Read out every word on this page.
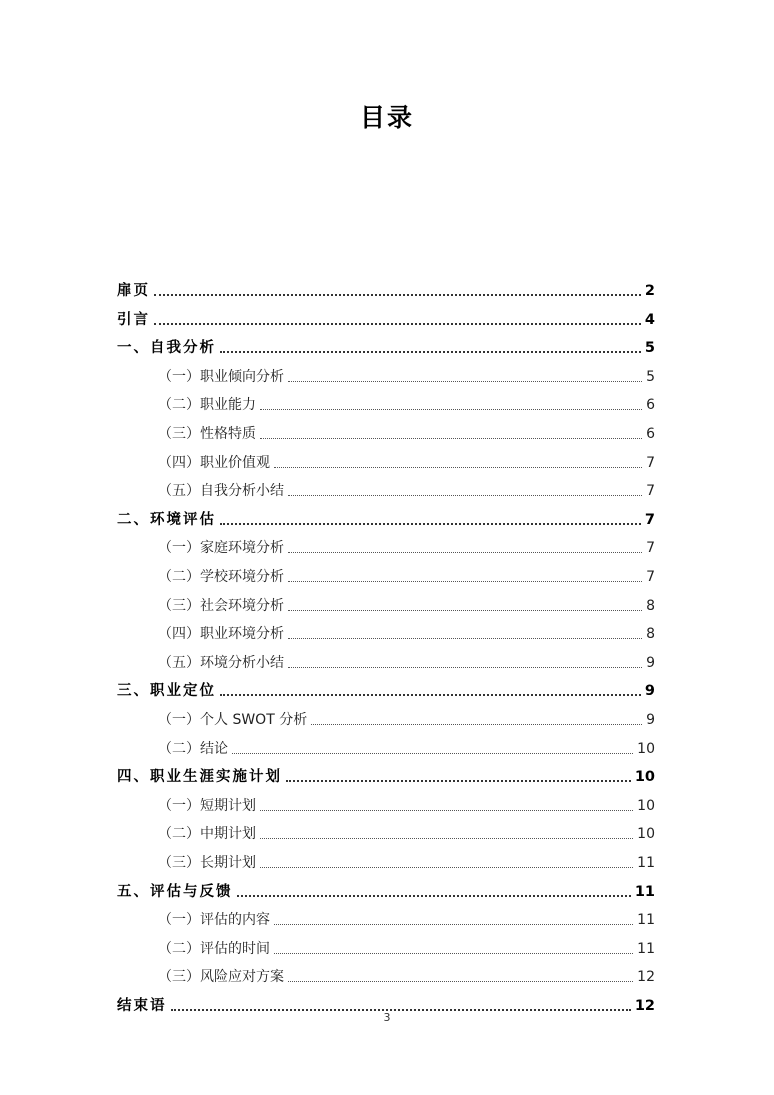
目录
扉页	2
引言	4
一、自我分析	5
（一）职业倾向分析	5
（二）职业能力	6
（三）性格特质	6
（四）职业价值观	7
（五）自我分析小结	7
二、环境评估	7
（一）家庭环境分析	7
（二）学校环境分析	7
（三）社会环境分析	8
（四）职业环境分析	8
（五）环境分析小结	9
三、职业定位	9
（一）个人 SWOT 分析	9
（二）结论	10
四、职业生涯实施计划	10
（一）短期计划	10
（二）中期计划	10
（三）长期计划	11
五、评估与反馈	11
（一）评估的内容	11
（二）评估的时间	11
（三）风险应对方案	12
结束语	12
3
